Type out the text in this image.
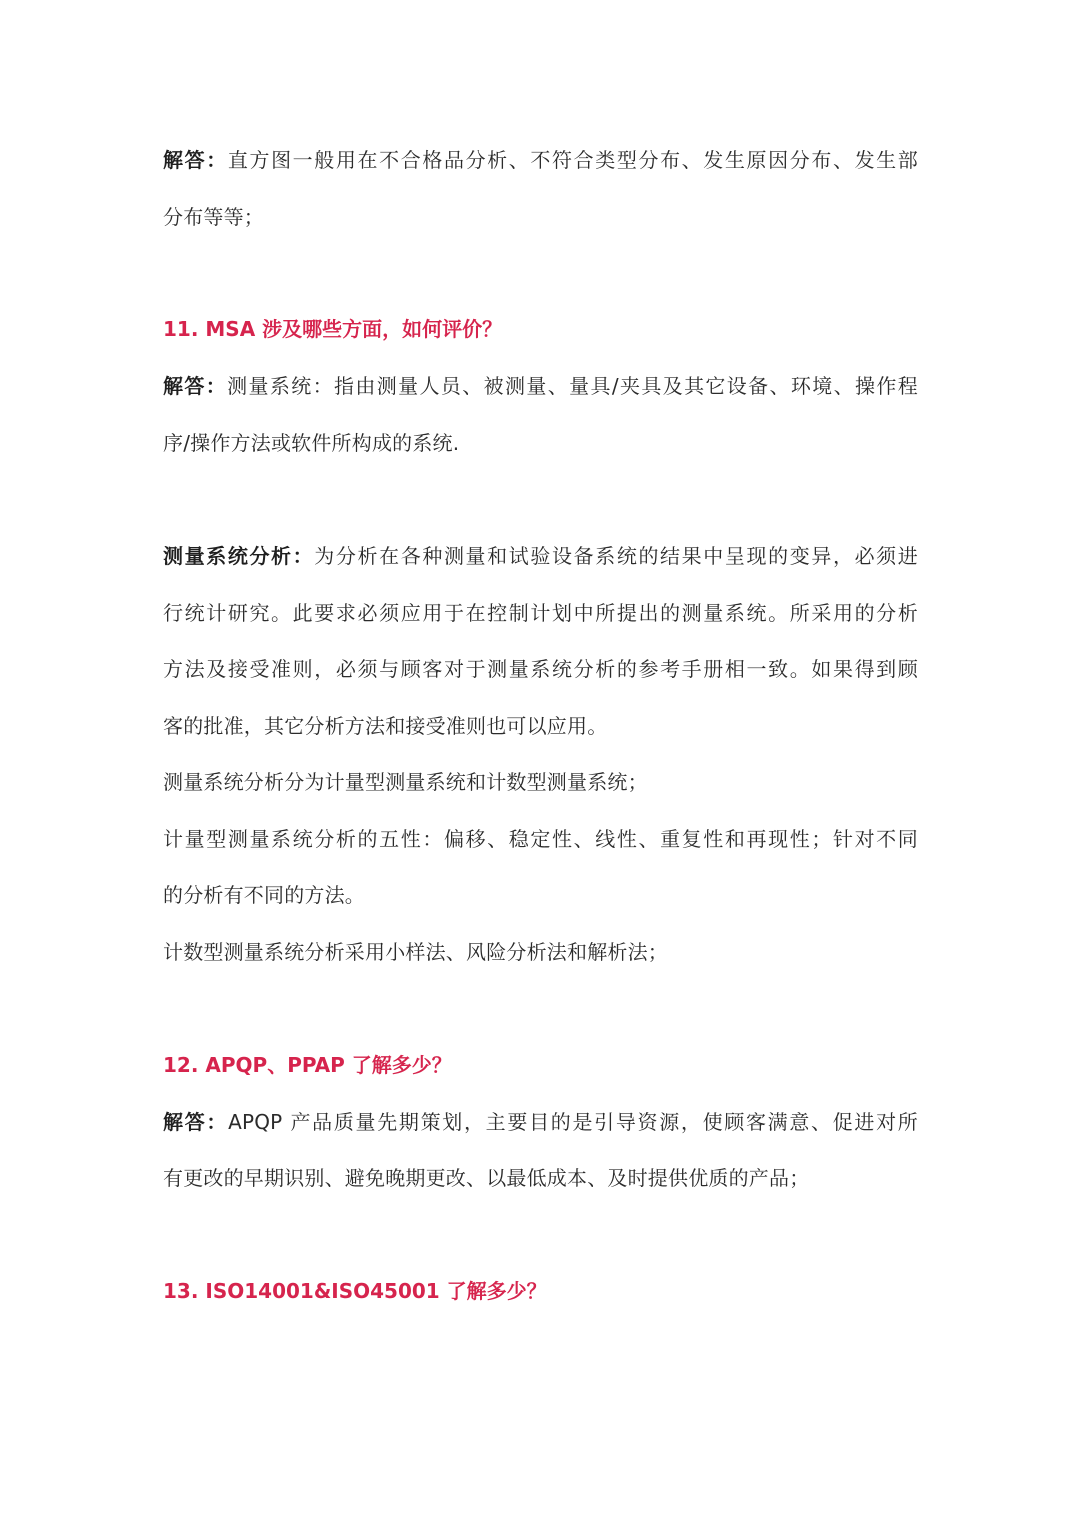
解答：直方图一般用在不合格品分析、不符合类型分布、发生原因分布、发生部
分布等等；
11. MSA 涉及哪些方面，如何评价？
解答：测量系统：指由测量人员、被测量、量具/夹具及其它设备、环境、操作程
序/操作方法或软件所构成的系统.
测量系统分析：为分析在各种测量和试验设备系统的结果中呈现的变异，必须进
行统计研究。此要求必须应用于在控制计划中所提出的测量系统。所采用的分析
方法及接受准则，必须与顾客对于测量系统分析的参考手册相一致。如果得到顾
客的批准，其它分析方法和接受准则也可以应用。
测量系统分析分为计量型测量系统和计数型测量系统；
计量型测量系统分析的五性：偏移、稳定性、线性、重复性和再现性；针对不同
的分析有不同的方法。
计数型测量系统分析采用小样法、风险分析法和解析法；
12. APQP、PPAP 了解多少？
解答：APQP 产品质量先期策划，主要目的是引导资源，使顾客满意、促进对所
有更改的早期识别、避免晚期更改、以最低成本、及时提供优质的产品；
13. ISO14001&ISO45001 了解多少？
